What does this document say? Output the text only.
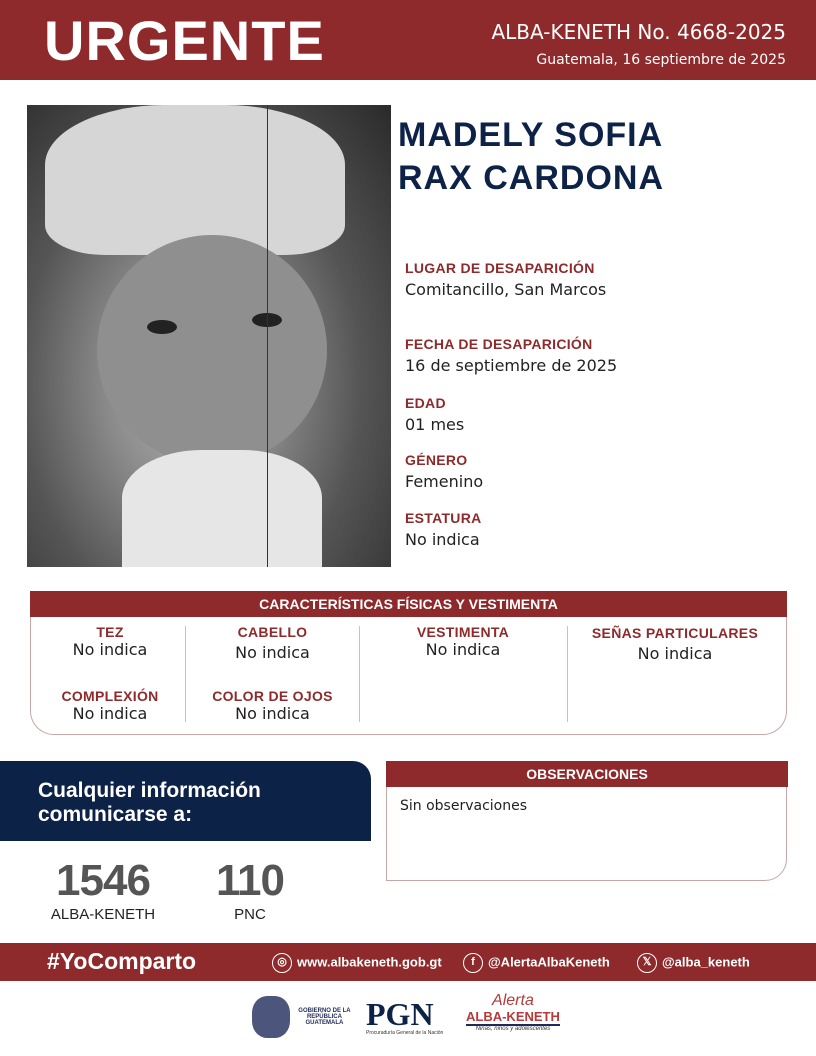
URGENTE	ALBA-KENETH No. 4668-2025
Guatemala, 16 septiembre de 2025
MADELY SOFIA
RAX CARDONA
LUGAR DE DESAPARICIÓN
Comitancillo, San Marcos
FECHA DE DESAPARICIÓN
16 de septiembre de 2025
EDAD
01 mes
GÉNERO
Femenino
ESTATURA
No indica
CARACTERÍSTICAS FÍSICAS Y VESTIMENTA
TEZ
No indica
CABELLO
No indica
VESTIMENTA
No indica
SEÑAS PARTICULARES
No indica
COMPLEXIÓN
No indica
COLOR DE OJOS
No indica
Cualquier información comunicarse a:
1546
ALBA-KENETH
110
PNC
OBSERVACIONES
Sin observaciones
#YoComparto	◎ www.albakeneth.gob.gt	f @AlertaAlbaKeneth	𝕏 @alba_keneth
GOBIERNO DE LA REPÚBLICA GUATEMALA PGN
Procuraduría General de la Nación
Alerta
ALBA-KENETH
Niñas, niños y adolescentes
